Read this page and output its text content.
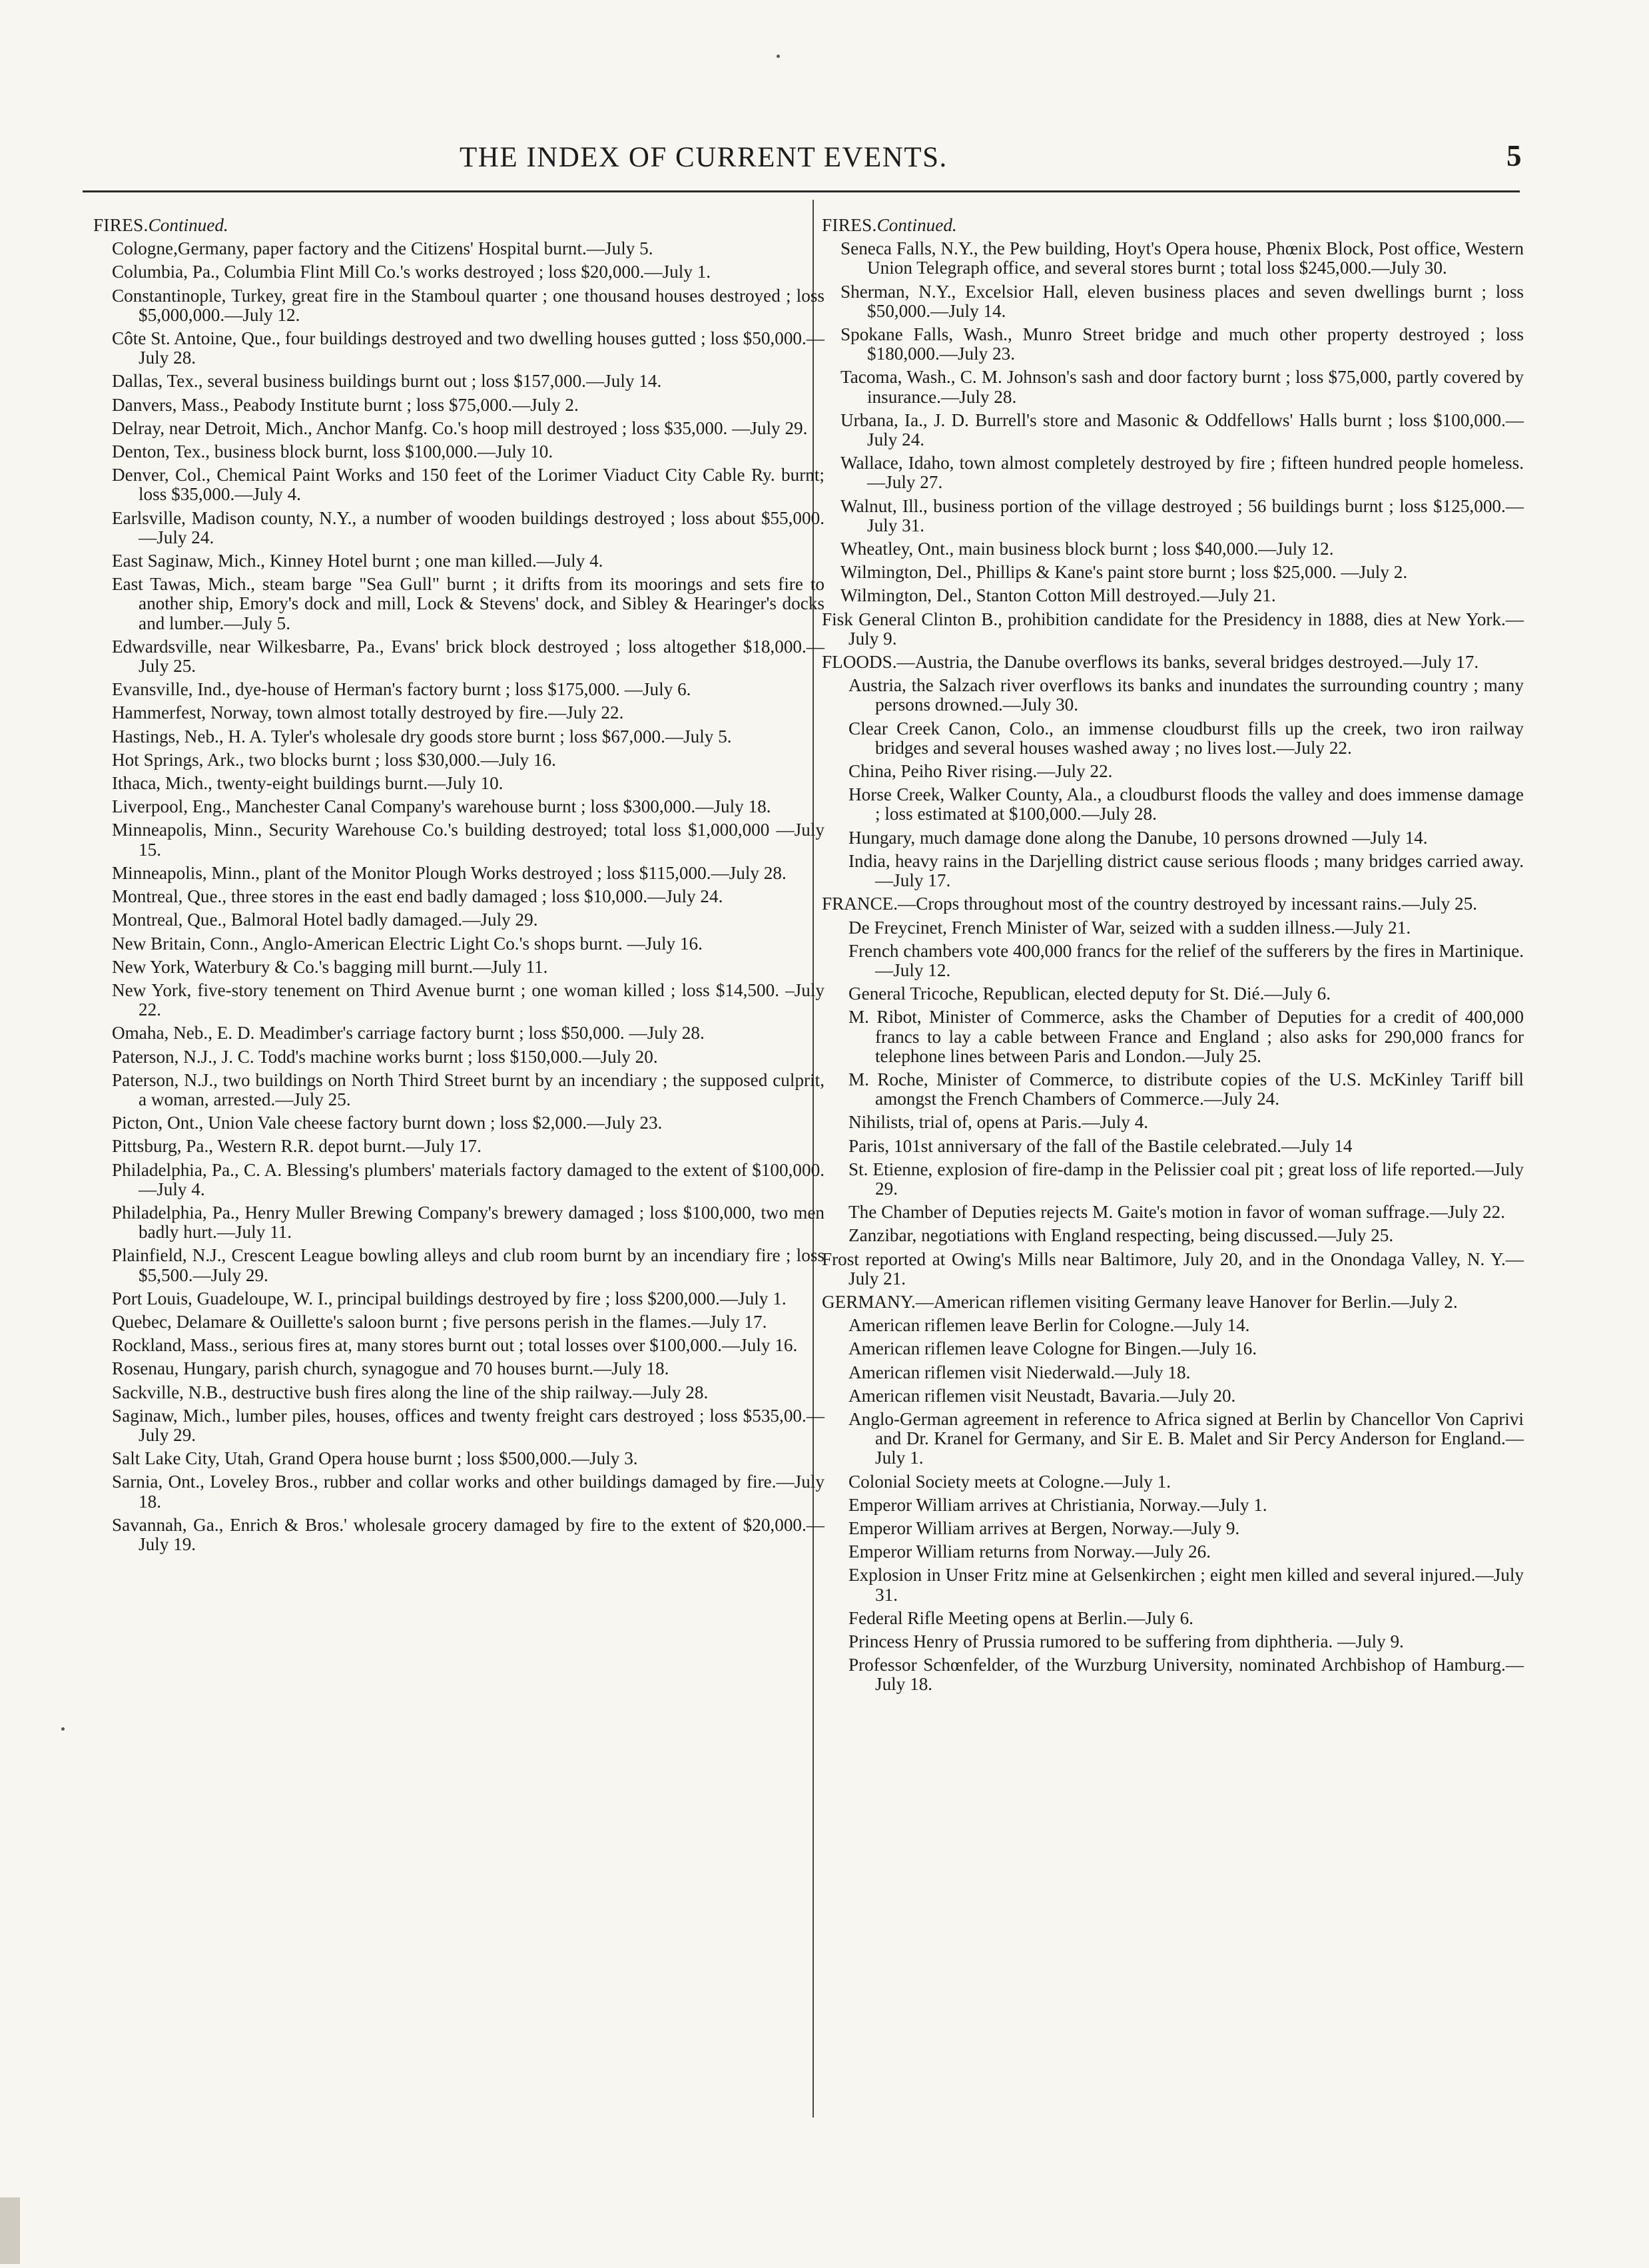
THE INDEX OF CURRENT EVENTS.	5
FIRES.Continued.
Cologne,Germany, paper factory and the Citizens' Hospital burnt.—July 5.
Columbia, Pa., Columbia Flint Mill Co.'s works destroyed ; loss $20,000.—July 1.
Constantinople, Turkey, great fire in the Stamboul quarter ; one thousand houses destroyed ; loss $5,000,000.—July 12.
Côte St. Antoine, Que., four buildings destroyed and two dwelling houses gutted ; loss $50,000.—July 28.
Dallas, Tex., several business buildings burnt out ; loss $157,000.—July 14.
Danvers, Mass., Peabody Institute burnt ; loss $75,000.—July 2.
Delray, near Detroit, Mich., Anchor Manfg. Co.'s hoop mill destroyed ; loss $35,000. —July 29.
Denton, Tex., business block burnt, loss $100,000.—July 10.
Denver, Col., Chemical Paint Works and 150 feet of the Lorimer Viaduct City Cable Ry. burnt; loss $35,000.—July 4.
Earlsville, Madison county, N.Y., a number of wooden buildings destroyed ; loss about $55,000.—July 24.
East Saginaw, Mich., Kinney Hotel burnt ; one man killed.—July 4.
East Tawas, Mich., steam barge "Sea Gull" burnt ; it drifts from its moorings and sets fire to another ship, Emory's dock and mill, Lock & Stevens' dock, and Sibley & Hearinger's docks and lumber.—July 5.
Edwardsville, near Wilkesbarre, Pa., Evans' brick block destroyed ; loss altogether $18,000.—July 25.
Evansville, Ind., dye-house of Herman's factory burnt ; loss $175,000. —July 6.
Hammerfest, Norway, town almost totally destroyed by fire.—July 22.
Hastings, Neb., H. A. Tyler's wholesale dry goods store burnt ; loss $67,000.—July 5.
Hot Springs, Ark., two blocks burnt ; loss $30,000.—July 16.
Ithaca, Mich., twenty-eight buildings burnt.—July 10.
Liverpool, Eng., Manchester Canal Company's warehouse burnt ; loss $300,000.—July 18.
Minneapolis, Minn., Security Warehouse Co.'s building destroyed; total loss $1,000,000 —July 15.
Minneapolis, Minn., plant of the Monitor Plough Works destroyed ; loss $115,000.—July 28.
Montreal, Que., three stores in the east end badly damaged ; loss $10,000.—July 24.
Montreal, Que., Balmoral Hotel badly damaged.—July 29.
New Britain, Conn., Anglo-American Electric Light Co.'s shops burnt. —July 16.
New York, Waterbury & Co.'s bagging mill burnt.—July 11.
New York, five-story tenement on Third Avenue burnt ; one woman killed ; loss $14,500. –July 22.
Omaha, Neb., E. D. Meadimber's carriage factory burnt ; loss $50,000. —July 28.
Paterson, N.J., J. C. Todd's machine works burnt ; loss $150,000.—July 20.
Paterson, N.J., two buildings on North Third Street burnt by an incendiary ; the supposed culprit, a woman, arrested.—July 25.
Picton, Ont., Union Vale cheese factory burnt down ; loss $2,000.—July 23.
Pittsburg, Pa., Western R.R. depot burnt.—July 17.
Philadelphia, Pa., C. A. Blessing's plumbers' materials factory damaged to the extent of $100,000.—July 4.
Philadelphia, Pa., Henry Muller Brewing Company's brewery damaged ; loss $100,000, two men badly hurt.—July 11.
Plainfield, N.J., Crescent League bowling alleys and club room burnt by an incendiary fire ; loss $5,500.—July 29.
Port Louis, Guadeloupe, W. I., principal buildings destroyed by fire ; loss $200,000.—July 1.
Quebec, Delamare & Ouillette's saloon burnt ; five persons perish in the flames.—July 17.
Rockland, Mass., serious fires at, many stores burnt out ; total losses over $100,000.—July 16.
Rosenau, Hungary, parish church, synagogue and 70 houses burnt.—July 18.
Sackville, N.B., destructive bush fires along the line of the ship railway.—July 28.
Saginaw, Mich., lumber piles, houses, offices and twenty freight cars destroyed ; loss $535,00.—July 29.
Salt Lake City, Utah, Grand Opera house burnt ; loss $500,000.—July 3.
Sarnia, Ont., Loveley Bros., rubber and collar works and other buildings damaged by fire.—July 18.
Savannah, Ga., Enrich & Bros.' wholesale grocery damaged by fire to the extent of $20,000.—July 19.
FIRES.Continued.
Seneca Falls, N.Y., the Pew building, Hoyt's Opera house, Phœnix Block, Post office, Western Union Telegraph office, and several stores burnt ; total loss $245,000.—July 30.
Sherman, N.Y., Excelsior Hall, eleven business places and seven dwellings burnt ; loss $50,000.—July 14.
Spokane Falls, Wash., Munro Street bridge and much other property destroyed ; loss $180,000.—July 23.
Tacoma, Wash., C. M. Johnson's sash and door factory burnt ; loss $75,000, partly covered by insurance.—July 28.
Urbana, Ia., J. D. Burrell's store and Masonic & Oddfellows' Halls burnt ; loss $100,000.—July 24.
Wallace, Idaho, town almost completely destroyed by fire ; fifteen hundred people homeless.—July 27.
Walnut, Ill., business portion of the village destroyed ; 56 buildings burnt ; loss $125,000.—July 31.
Wheatley, Ont., main business block burnt ; loss $40,000.—July 12.
Wilmington, Del., Phillips & Kane's paint store burnt ; loss $25,000. —July 2.
Wilmington, Del., Stanton Cotton Mill destroyed.—July 21.
Fisk General Clinton B., prohibition candidate for the Presidency in 1888, dies at New York.—July 9.
FLOODS.—Austria, the Danube overflows its banks, several bridges destroyed.—July 17.
Austria, the Salzach river overflows its banks and inundates the surrounding country ; many persons drowned.—July 30.
Clear Creek Canon, Colo., an immense cloudburst fills up the creek, two iron railway bridges and several houses washed away ; no lives lost.—July 22.
China, Peiho River rising.—July 22.
Horse Creek, Walker County, Ala., a cloudburst floods the valley and does immense damage ; loss estimated at $100,000.—July 28.
Hungary, much damage done along the Danube, 10 persons drowned —July 14.
India, heavy rains in the Darjelling district cause serious floods ; many bridges carried away.—July 17.
FRANCE.—Crops throughout most of the country destroyed by incessant rains.—July 25.
De Freycinet, French Minister of War, seized with a sudden illness.—July 21.
French chambers vote 400,000 francs for the relief of the sufferers by the fires in Martinique.—July 12.
General Tricoche, Republican, elected deputy for St. Dié.—July 6.
M. Ribot, Minister of Commerce, asks the Chamber of Deputies for a credit of 400,000 francs to lay a cable between France and England ; also asks for 290,000 francs for telephone lines between Paris and London.—July 25.
M. Roche, Minister of Commerce, to distribute copies of the U.S. McKinley Tariff bill amongst the French Chambers of Commerce.—July 24.
Nihilists, trial of, opens at Paris.—July 4.
Paris, 101st anniversary of the fall of the Bastile celebrated.—July 14
St. Etienne, explosion of fire-damp in the Pelissier coal pit ; great loss of life reported.—July 29.
The Chamber of Deputies rejects M. Gaite's motion in favor of woman suffrage.—July 22.
Zanzibar, negotiations with England respecting, being discussed.—July 25.
Frost reported at Owing's Mills near Baltimore, July 20, and in the Onondaga Valley, N. Y.—July 21.
GERMANY.—American riflemen visiting Germany leave Hanover for Berlin.—July 2.
American riflemen leave Berlin for Cologne.—July 14.
American riflemen leave Cologne for Bingen.—July 16.
American riflemen visit Niederwald.—July 18.
American riflemen visit Neustadt, Bavaria.—July 20.
Anglo-German agreement in reference to Africa signed at Berlin by Chancellor Von Caprivi and Dr. Kranel for Germany, and Sir E. B. Malet and Sir Percy Anderson for England.—July 1.
Colonial Society meets at Cologne.—July 1.
Emperor William arrives at Christiania, Norway.—July 1.
Emperor William arrives at Bergen, Norway.—July 9.
Emperor William returns from Norway.—July 26.
Explosion in Unser Fritz mine at Gelsenkirchen ; eight men killed and several injured.—July 31.
Federal Rifle Meeting opens at Berlin.—July 6.
Princess Henry of Prussia rumored to be suffering from diphtheria. —July 9.
Professor Schœnfelder, of the Wurzburg University, nominated Archbishop of Hamburg.—July 18.
